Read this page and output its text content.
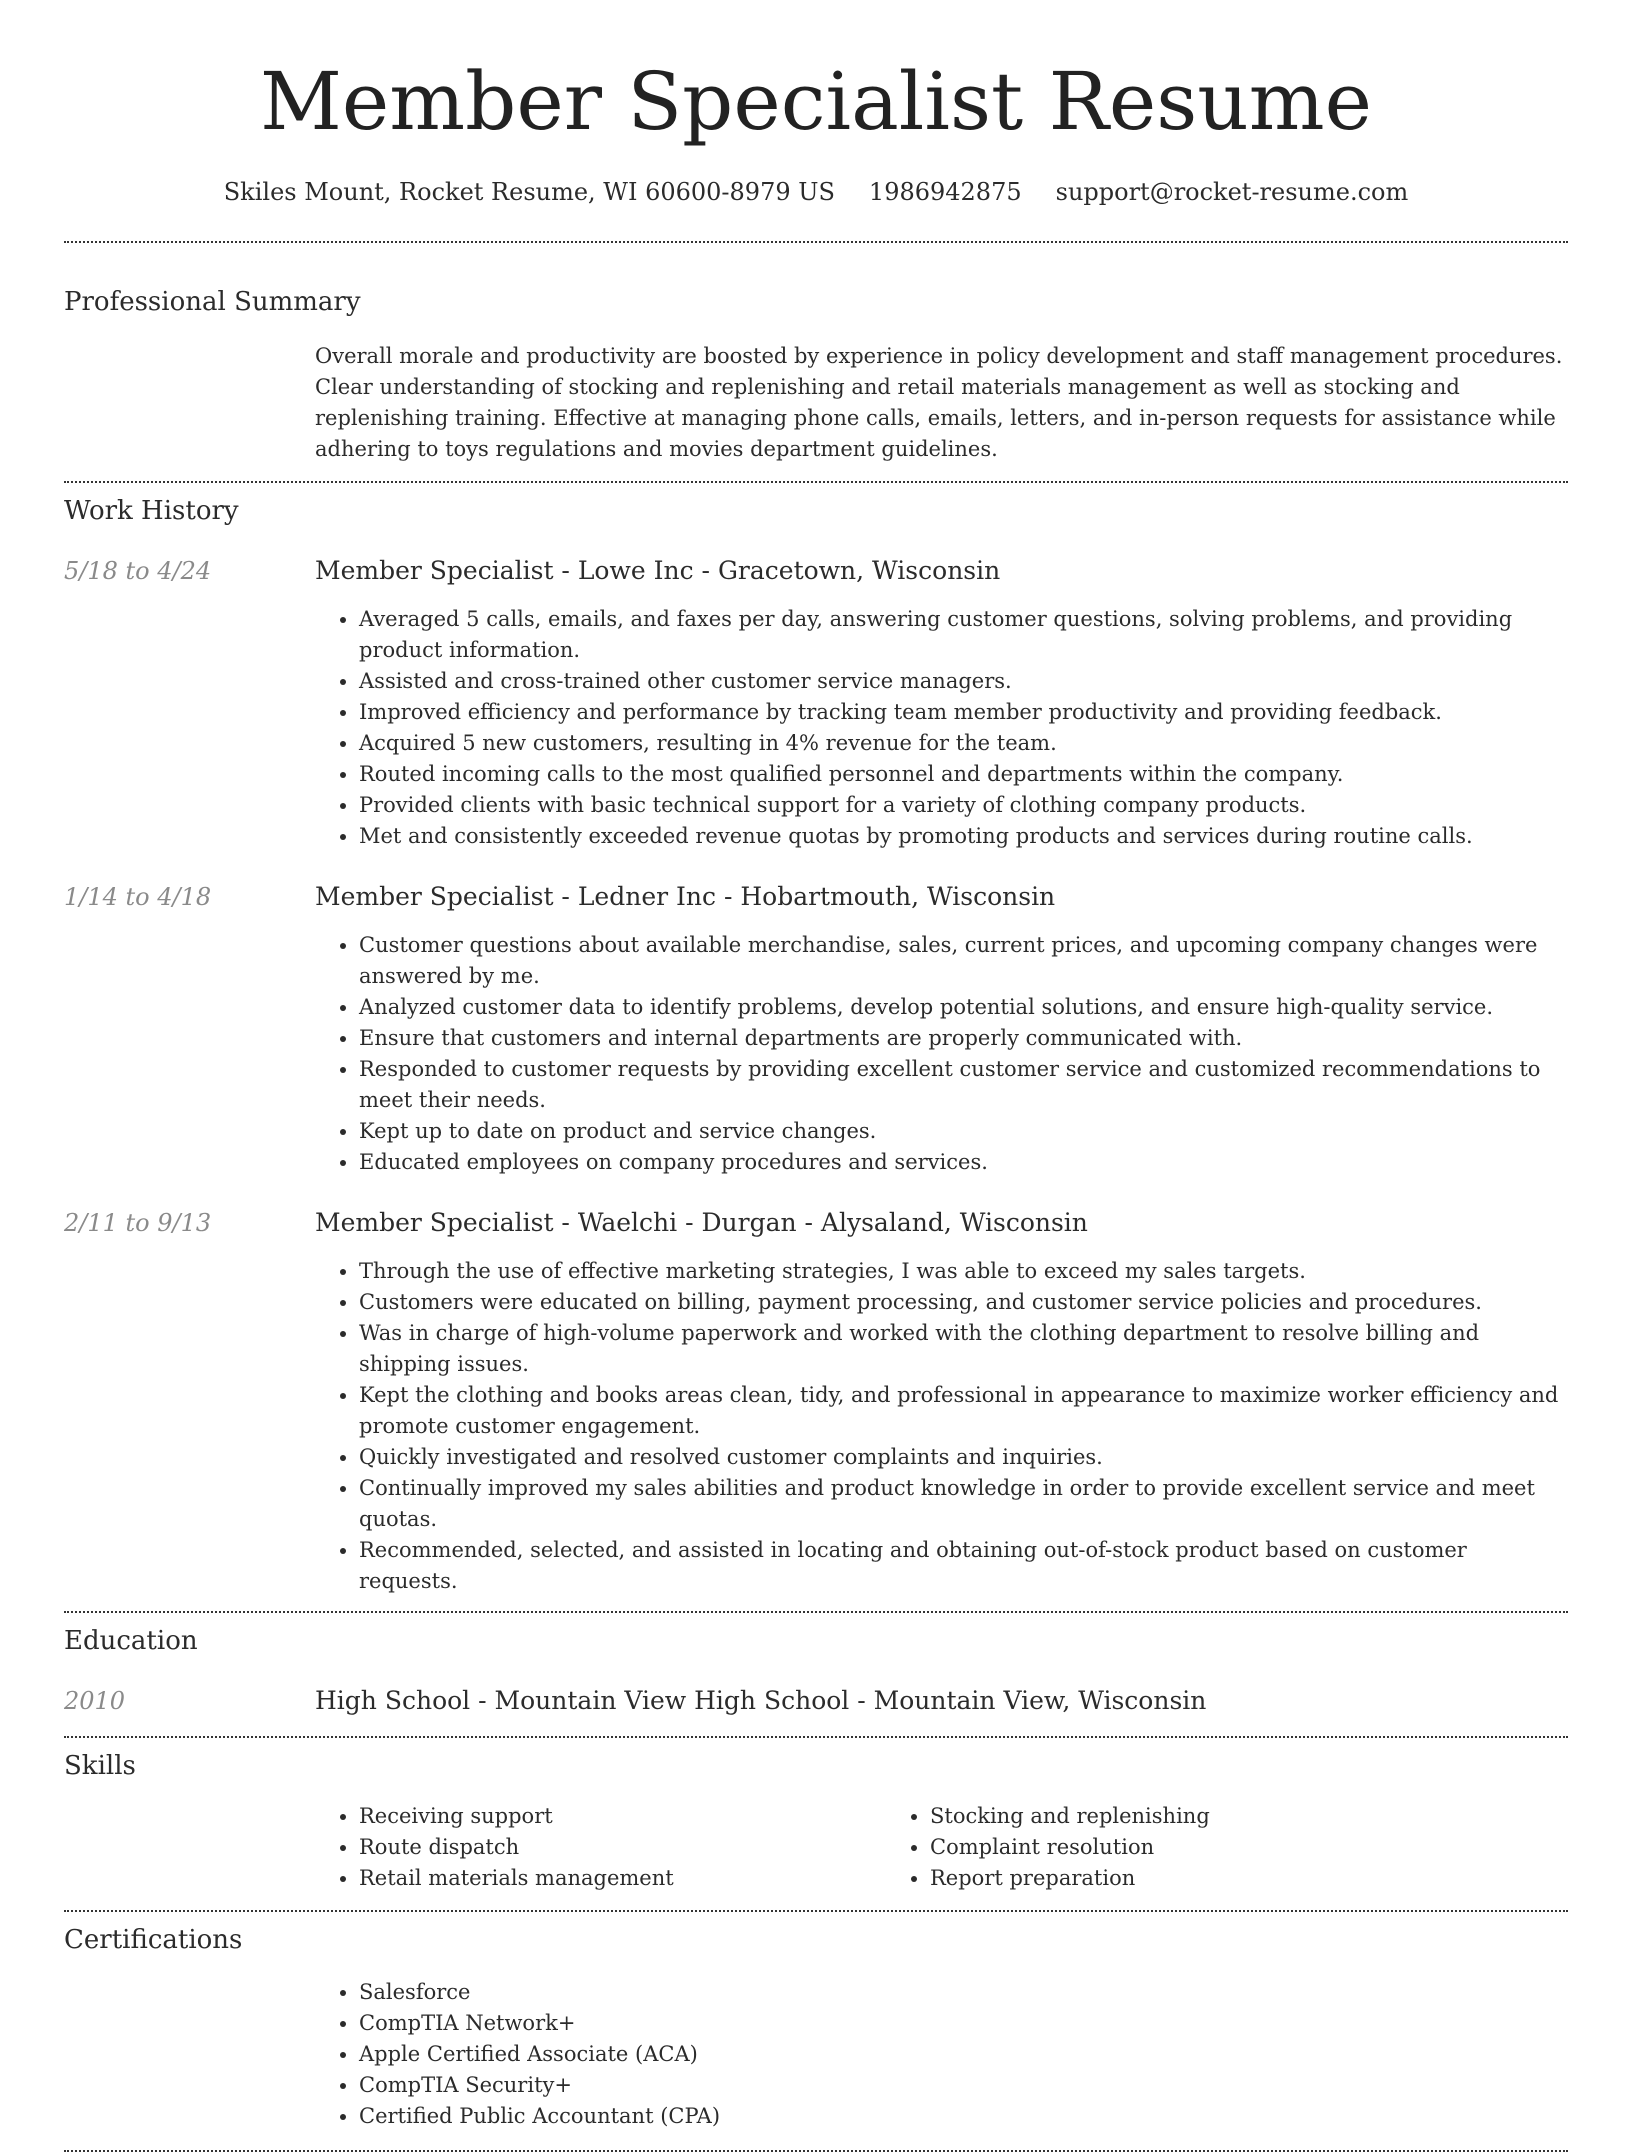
Member Specialist Resume
Skiles Mount, Rocket Resume, WI 60600-8979 US 1986942875 support@rocket-resume.com
Professional Summary
Overall morale and productivity are boosted by experience in policy development and staff management procedures. Clear understanding of stocking and replenishing and retail materials management as well as stocking and replenishing training. Effective at managing phone calls, emails, letters, and in-person requests for assistance while adhering to toys regulations and movies department guidelines.
Work History
5/18 to 4/24	Member Specialist - Lowe Inc - Gracetown, Wisconsin
• Averaged 5 calls, emails, and faxes per day, answering customer questions, solving problems, and providing product information.
• Assisted and cross-trained other customer service managers.
• Improved efficiency and performance by tracking team member productivity and providing feedback.
• Acquired 5 new customers, resulting in 4% revenue for the team.
• Routed incoming calls to the most qualified personnel and departments within the company.
• Provided clients with basic technical support for a variety of clothing company products.
• Met and consistently exceeded revenue quotas by promoting products and services during routine calls.
1/14 to 4/18	Member Specialist - Ledner Inc - Hobartmouth, Wisconsin
• Customer questions about available merchandise, sales, current prices, and upcoming company changes were answered by me.
• Analyzed customer data to identify problems, develop potential solutions, and ensure high-quality service.
• Ensure that customers and internal departments are properly communicated with.
• Responded to customer requests by providing excellent customer service and customized recommendations to meet their needs.
• Kept up to date on product and service changes.
• Educated employees on company procedures and services.
2/11 to 9/13	Member Specialist - Waelchi - Durgan - Alysaland, Wisconsin
• Through the use of effective marketing strategies, I was able to exceed my sales targets.
• Customers were educated on billing, payment processing, and customer service policies and procedures.
• Was in charge of high-volume paperwork and worked with the clothing department to resolve billing and shipping issues.
• Kept the clothing and books areas clean, tidy, and professional in appearance to maximize worker efficiency and promote customer engagement.
• Quickly investigated and resolved customer complaints and inquiries.
• Continually improved my sales abilities and product knowledge in order to provide excellent service and meet quotas.
• Recommended, selected, and assisted in locating and obtaining out-of-stock product based on customer requests.
Education
2010	High School - Mountain View High School - Mountain View, Wisconsin
Skills
• Receiving support
• Route dispatch
• Retail materials management
• Stocking and replenishing
• Complaint resolution
• Report preparation
Certifications
• Salesforce
• CompTIA Network+
• Apple Certified Associate (ACA)
• CompTIA Security+
• Certified Public Accountant (CPA)
